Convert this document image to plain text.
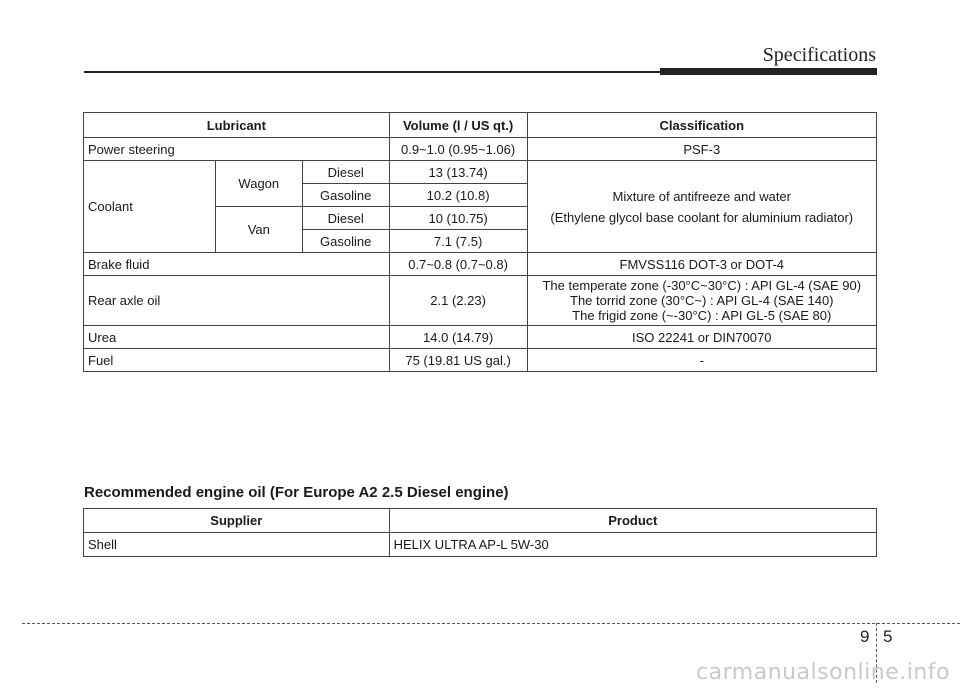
Specifications
Lubricant			Volume (l / US qt.)	Classification
Power steering			0.9~1.0 (0.95~1.06)	PSF-3
Coolant	Wagon	Diesel	13 (13.74)	Mixture of antifreeze and water
(Ethylene glycol base coolant for aluminium radiator)

		Gasoline	10.2 (10.8)	
	Van	Diesel	10 (10.75)	
		Gasoline	7.1 (7.5)	
Brake fluid			0.7~0.8 (0.7~0.8)	FMVSS116 DOT-3 or DOT-4
Rear axle oil			2.1 (2.23)	The temperate zone (-30°C~30°C) : API GL-4 (SAE 90)
The torrid zone (30°C~) : API GL-4 (SAE 140)
The frigid zone (~-30°C) : API GL-5 (SAE 80)

Urea			14.0 (14.79)	ISO 22241 or DIN70070
Fuel			75 (19.81 US gal.)	-
Recommended engine oil (For Europe A2 2.5 Diesel engine)
Supplier	Product
Shell	HELIX ULTRA AP-L 5W-30
9 5
carmanualsonline.info
